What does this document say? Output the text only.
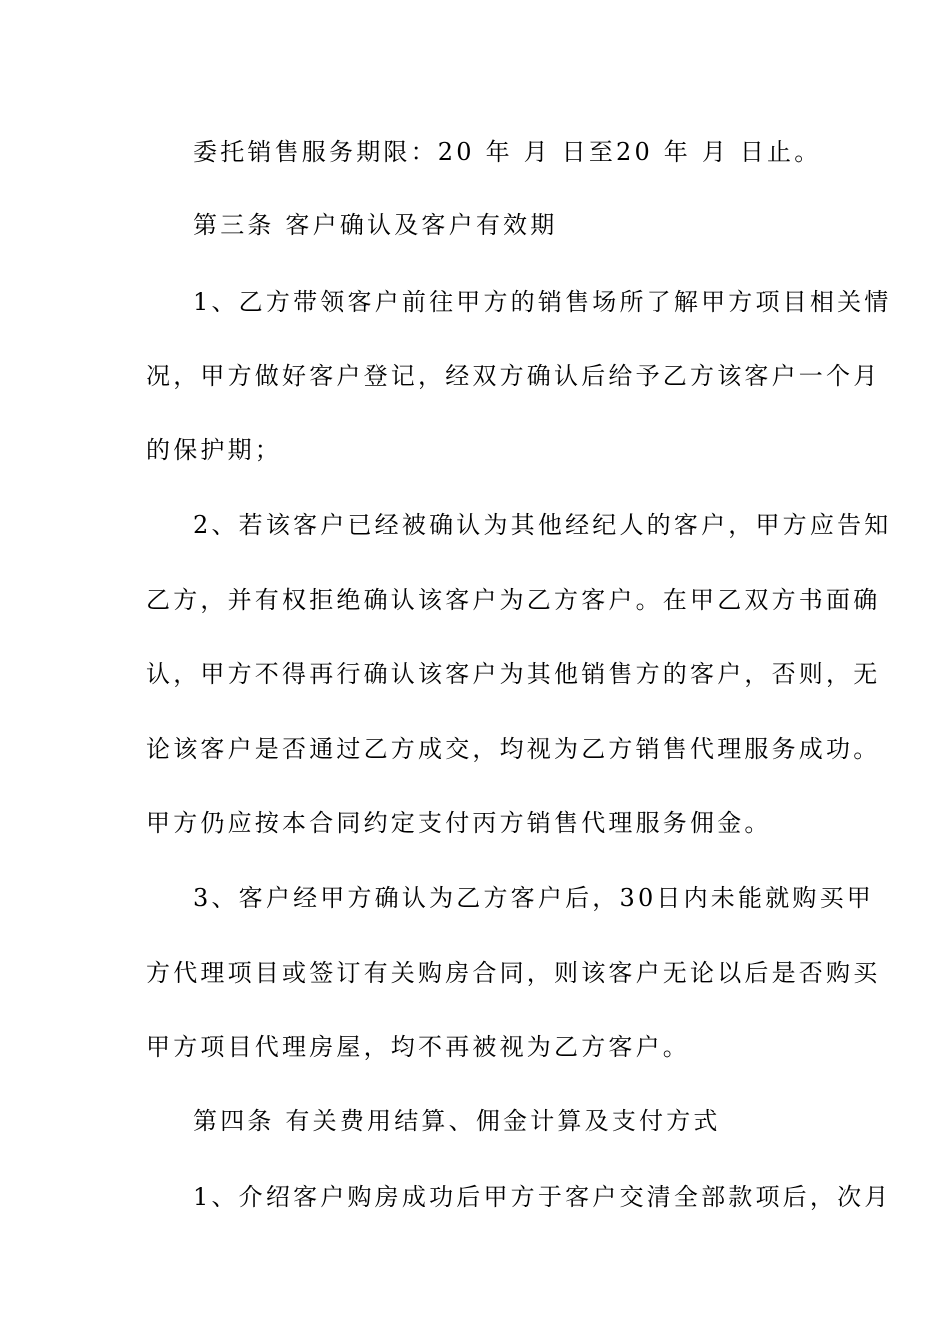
委托销售服务期限：20 年 月 日至20 年 月 日止。
第三条 客户确认及客户有效期
1、乙方带领客户前往甲方的销售场所了解甲方项目相关情
况，甲方做好客户登记，经双方确认后给予乙方该客户一个月
的保护期；
2、若该客户已经被确认为其他经纪人的客户，甲方应告知
乙方，并有权拒绝确认该客户为乙方客户。在甲乙双方书面确
认，甲方不得再行确认该客户为其他销售方的客户，否则，无
论该客户是否通过乙方成交，均视为乙方销售代理服务成功。
甲方仍应按本合同约定支付丙方销售代理服务佣金。
3、客户经甲方确认为乙方客户后，30日内未能就购买甲
方代理项目或签订有关购房合同，则该客户无论以后是否购买
甲方项目代理房屋，均不再被视为乙方客户。
第四条 有关费用结算、佣金计算及支付方式
1、介绍客户购房成功后甲方于客户交清全部款项后，次月
